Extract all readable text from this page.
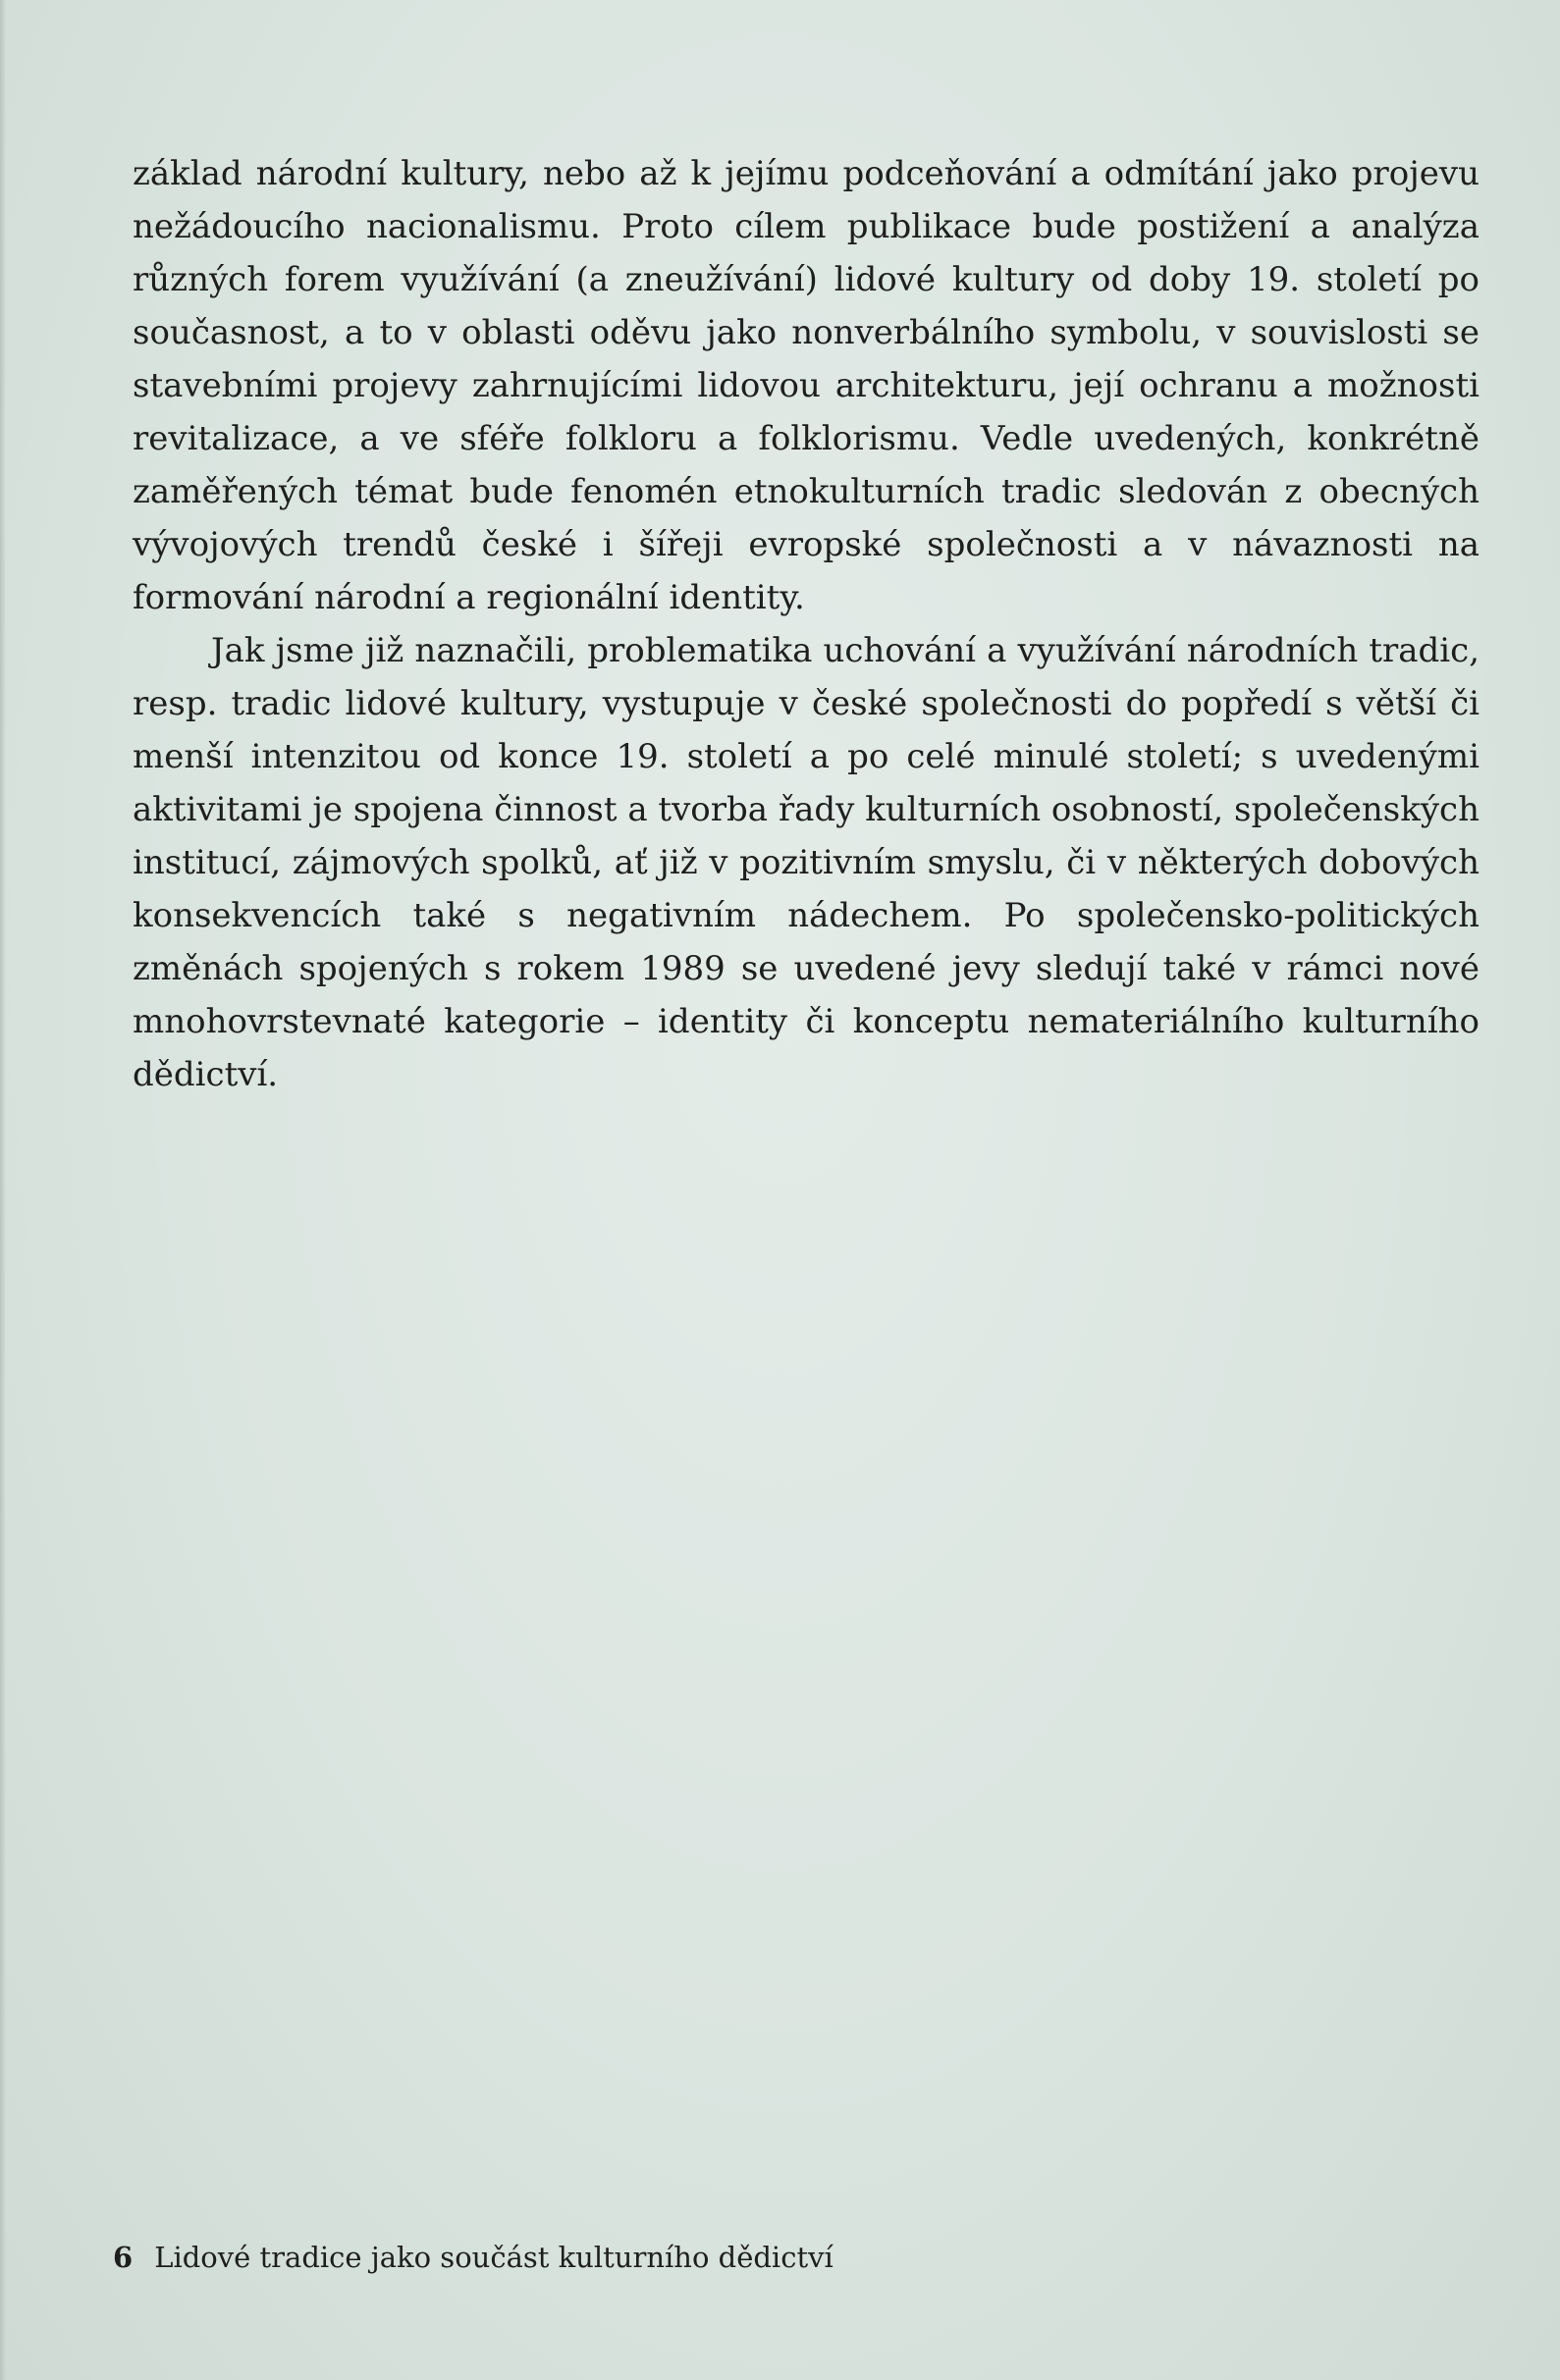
základ národní kultury, nebo až k jejímu podceňování a odmítání jako projevu nežádoucího nacionalismu. Proto cílem publikace bude postižení a analýza různých forem využívání (a zneužívání) lidové kultury od doby 19. století po současnost, a to v oblasti oděvu jako nonverbálního symbolu, v souvislosti se stavebními projevy zahrnujícími lidovou architekturu, její ochranu a možnosti revitalizace, a ve sféře folkloru a folklorismu. Vedle uvedených, konkrétně zaměřených témat bude fenomén etnokulturních tradic sledován z obecných vývojových trendů české i šířeji evropské společnosti a v návaznosti na formování národní a regionální identity.

Jak jsme již naznačili, problematika uchování a využívání národních tradic, resp. tradic lidové kultury, vystupuje v české společnosti do popředí s větší či menší intenzitou od konce 19. století a po celé minulé století; s uvedenými aktivitami je spojena činnost a tvorba řady kulturních osobností, společenských institucí, zájmových spolků, ať již v pozitivním smyslu, či v některých dobových konsekvencích také s negativním nádechem. Po společensko-politických změnách spojených s rokem 1989 se uvedené jevy sledují také v rámci nové mnohovrstevnaté kategorie – identity či konceptu nemateriálního kulturního dědictví.

6 Lidové tradice jako součást kulturního dědictví
